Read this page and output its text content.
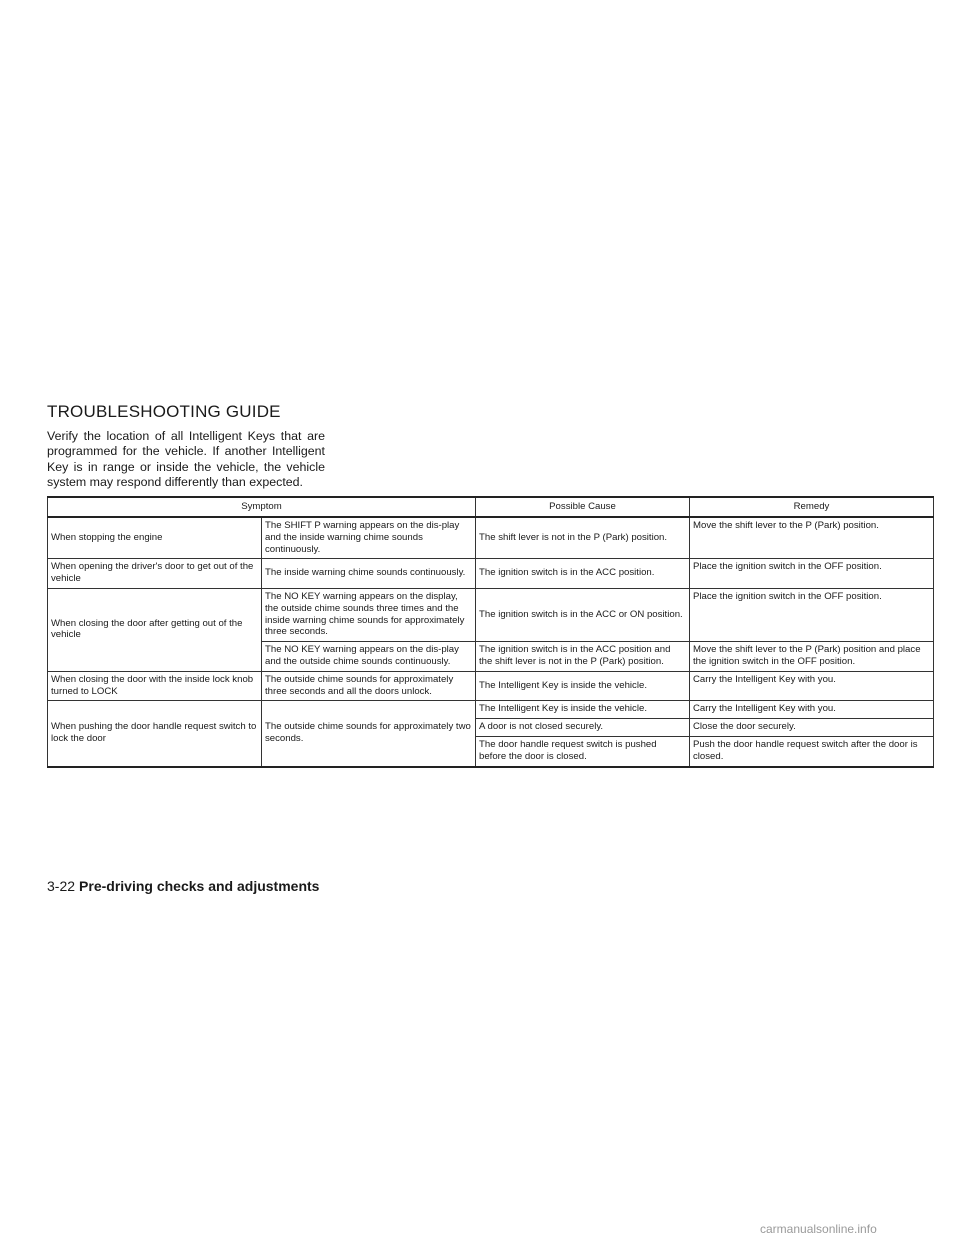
TROUBLESHOOTING GUIDE

Verify the location of all Intelligent Keys that are programmed for the vehicle. If another Intelligent Key is in range or inside the vehicle, the vehicle system may respond differently than expected.

Symptom		Possible Cause	Remedy
When stopping the engine	The SHIFT P warning appears on the dis-play and the inside warning chime sounds continuously.	The shift lever is not in the P (Park) position.	Move the shift lever to the P (Park) position.
When opening the driver's door to get out of the vehicle	The inside warning chime sounds continuously.	The ignition switch is in the ACC position.	Place the ignition switch in the OFF position.
When closing the door after getting out of the vehicle	The NO KEY warning appears on the display, the outside chime sounds three times and the inside warning chime sounds for approximately three seconds.	The ignition switch is in the ACC or ON position.	Place the ignition switch in the OFF position.
	The NO KEY warning appears on the dis-play and the outside chime sounds continuously.	The ignition switch is in the ACC position and the shift lever is not in the P (Park) position.	Move the shift lever to the P (Park) position and place the ignition switch in the OFF position.
When closing the door with the inside lock knob turned to LOCK	The outside chime sounds for approximately three seconds and all the doors unlock.	The Intelligent Key is inside the vehicle.	Carry the Intelligent Key with you.
When pushing the door handle request switch to lock the door	The outside chime sounds for approximately two seconds.	The Intelligent Key is inside the vehicle.	Carry the Intelligent Key with you.
		A door is not closed securely.	Close the door securely.
		The door handle request switch is pushed before the door is closed.	Push the door handle request switch after the door is closed.
3-22 Pre-driving checks and adjustments
carmanualsonline.info
